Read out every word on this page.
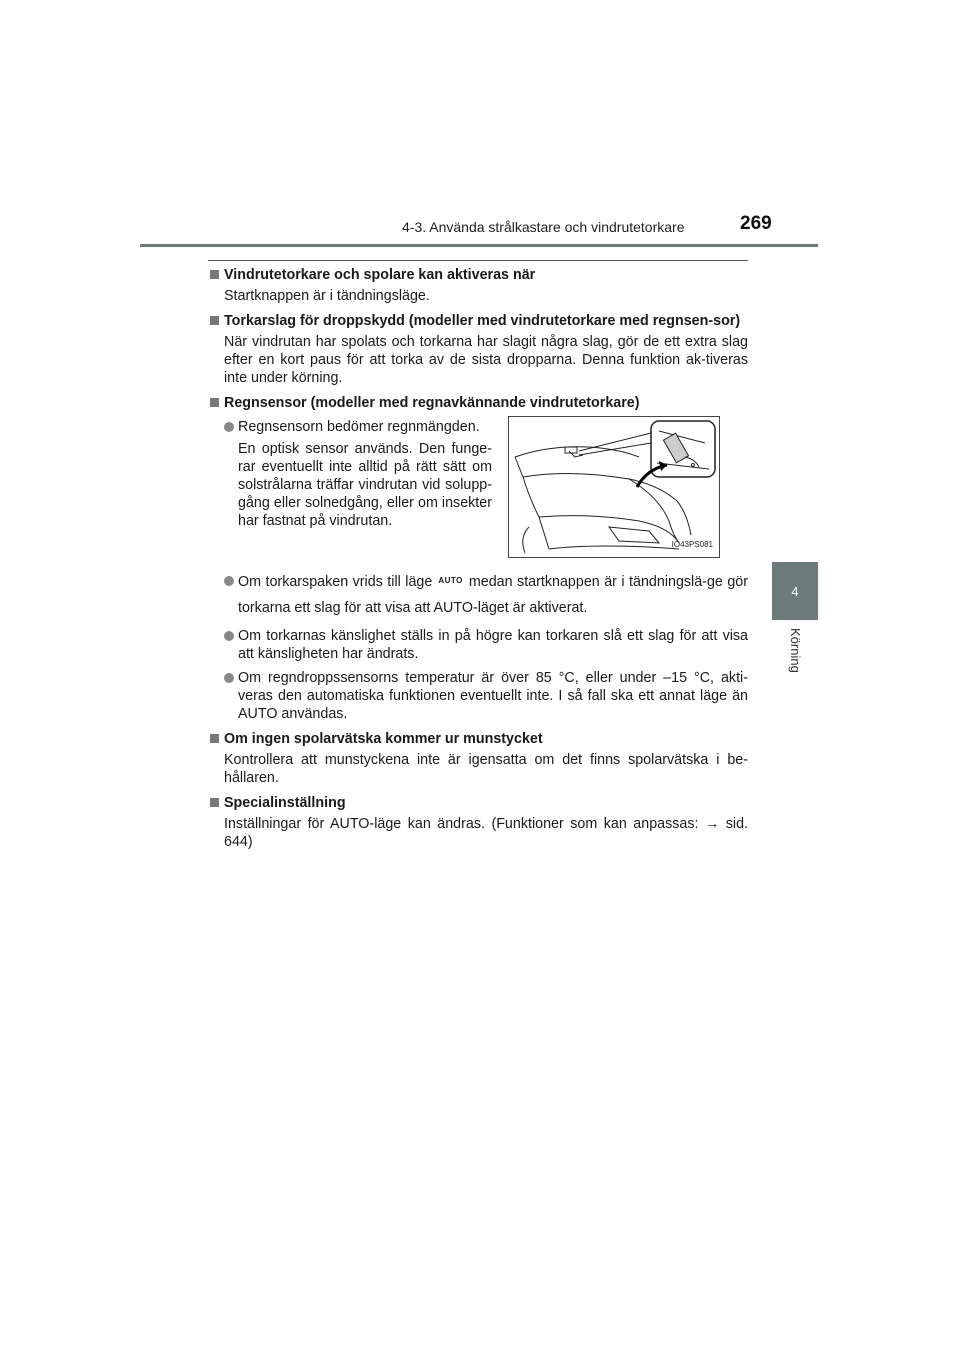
4-3. Använda strålkastare och vindrutetorkare	269
4
Körning
Vindrutetorkare och spolare kan aktiveras när
Startknappen är i tändningsläge.
Torkarslag för droppskydd (modeller med vindrutetorkare med regnsen-sor)
När vindrutan har spolats och torkarna har slagit några slag, gör de ett extra slag efter en kort paus för att torka av de sista dropparna. Denna funktion ak-tiveras inte under körning.
Regnsensor (modeller med regnavkännande vindrutetorkare)
Regnsensorn bedömer regnmängden.
En optisk sensor används. Den funge-rar eventuellt inte alltid på rätt sätt om solstrålarna träffar vindrutan vid solupp-gång eller solnedgång, eller om insekter har fastnat på vindrutan.
IO43PS081
Om torkarspaken vrids till läge AUTO medan startknappen är i tändningslä-ge gör torkarna ett slag för att visa att AUTO-läget är aktiverat.
Om torkarnas känslighet ställs in på högre kan torkaren slå ett slag för att visa att känsligheten har ändrats.
Om regndroppssensorns temperatur är över 85 °C, eller under –15 °C, akti-veras den automatiska funktionen eventuellt inte. I så fall ska ett annat läge än AUTO användas.
Om ingen spolarvätska kommer ur munstycket
Kontrollera att munstyckena inte är igensatta om det finns spolarvätska i be-hållaren.
Specialinställning
Inställningar för AUTO-läge kan ändras. (Funktioner som kan anpassas: → sid. 644)
